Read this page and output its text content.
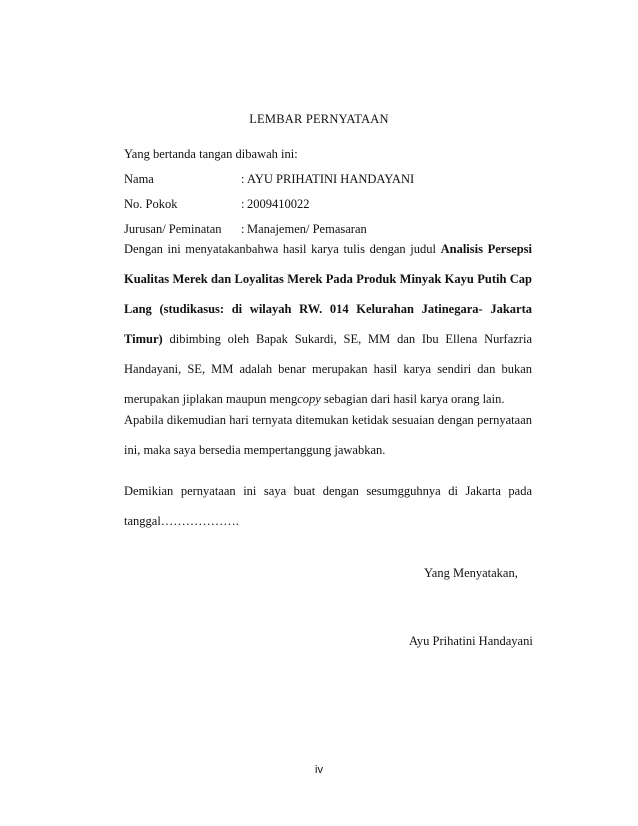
LEMBAR PERNYATAAN
Yang bertanda tangan dibawah ini:
Nama	: AYU PRIHATINI HANDAYANI
No. Pokok	: 2009410022
Jurusan/ Peminatan : Manajemen/ Pemasaran
Dengan ini menyatakanbahwa hasil karya tulis dengan judul Analisis Persepsi
Kualitas Merek dan Loyalitas Merek Pada Produk Minyak Kayu Putih Cap
Lang (studikasus: di wilayah RW. 014 Kelurahan Jatinegara- Jakarta
Timur) dibimbing oleh Bapak Sukardi, SE, MM dan Ibu Ellena Nurfazria
Handayani, SE, MM adalah benar merupakan hasil karya sendiri dan bukan
merupakan jiplakan maupun mengcopy sebagian dari hasil karya orang lain.
Apabila dikemudian hari ternyata ditemukan ketidak sesuaian dengan pernyataan
ini, maka saya bersedia mempertanggung jawabkan.
Demikian pernyataan ini saya buat dengan sesumgguhnya di Jakarta pada
tanggal……………….
Yang Menyatakan,
Ayu Prihatini Handayani
iv
